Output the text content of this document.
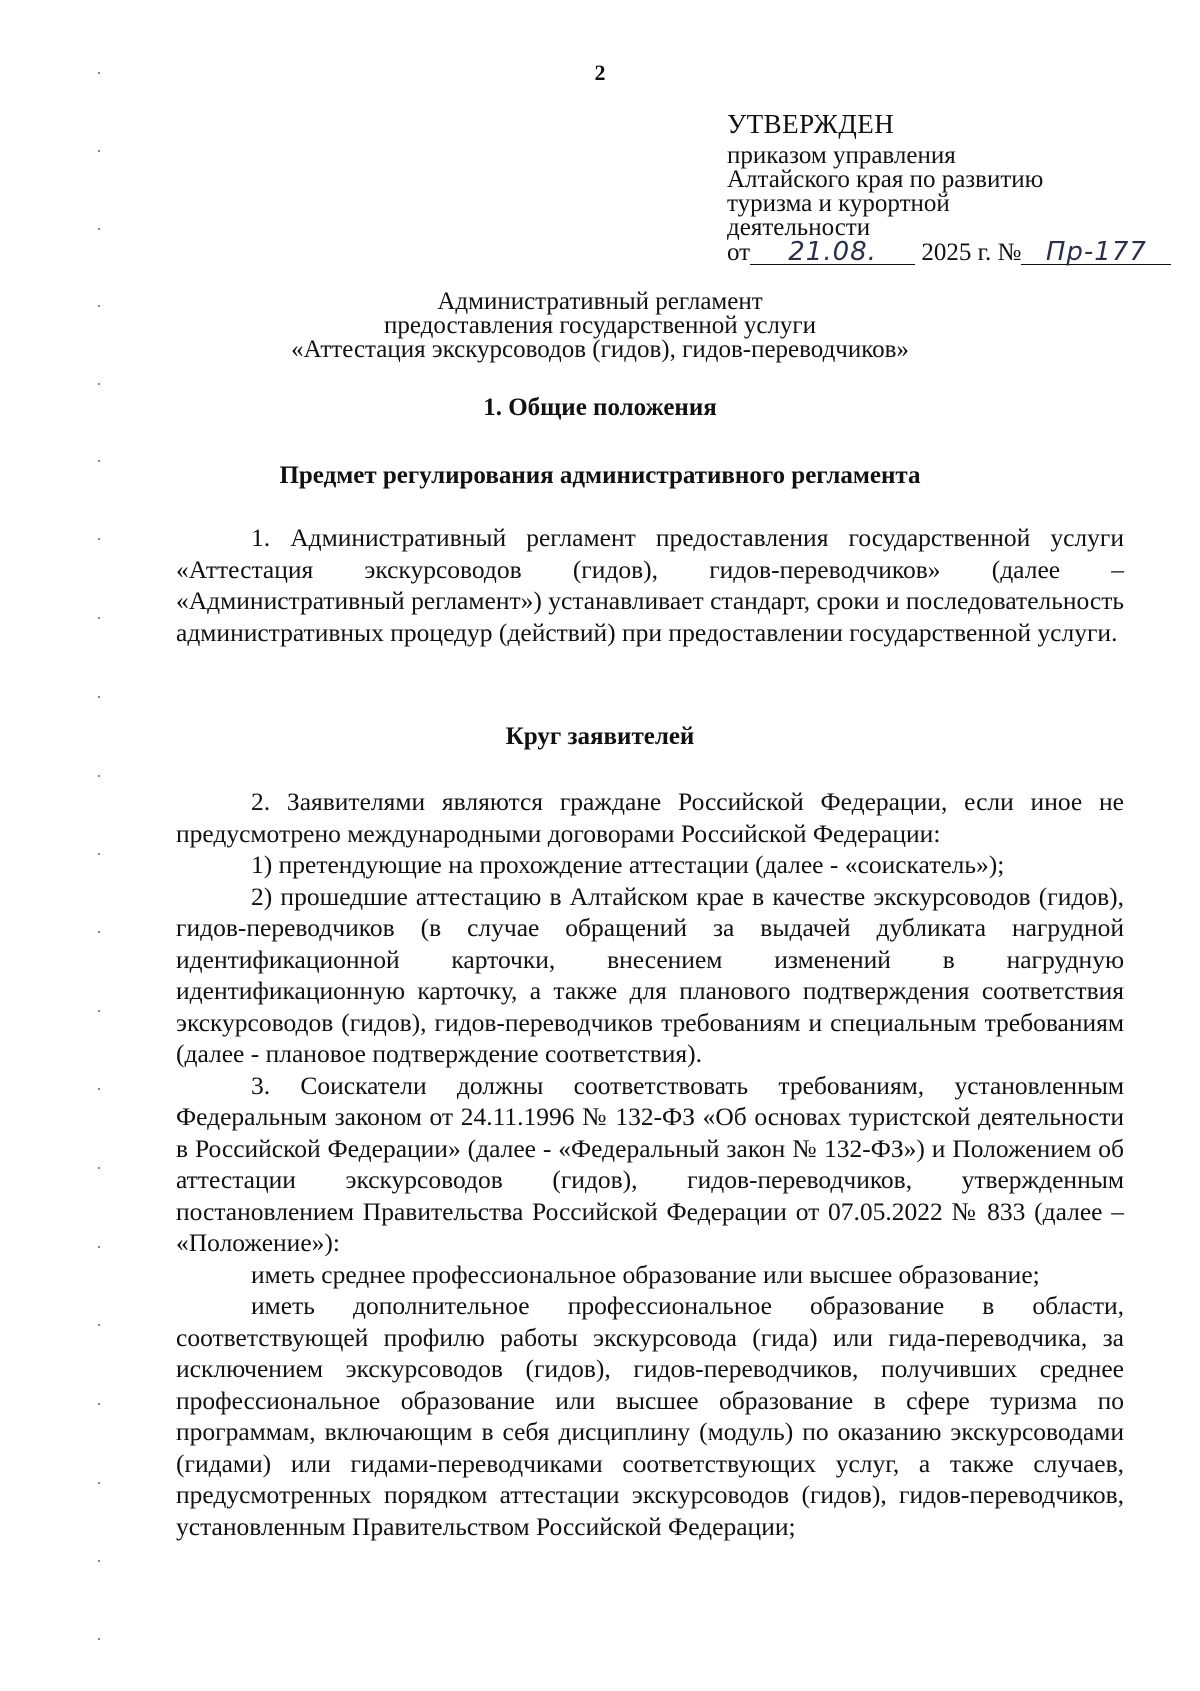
2
УТВЕРЖДЕН
приказом управления
Алтайского края по развитию
туризма и курортной
деятельности
от 21.08. 2025 г. № Пр-177
Административный регламент
предоставления государственной услуги
«Аттестация экскурсоводов (гидов), гидов-переводчиков»
1. Общие положения
Предмет регулирования административного регламента

1. Административный регламент предоставления государственной услуги «Аттестация экскурсоводов (гидов), гидов-переводчиков» (далее – «Административный регламент») устанавливает стандарт, сроки и последовательность административных процедур (действий) при предоставлении государственной услуги.

Круг заявителей

2. Заявителями являются граждане Российской Федерации, если иное не предусмотрено международными договорами Российской Федерации:

1) претендующие на прохождение аттестации (далее - «соискатель»);

2) прошедшие аттестацию в Алтайском крае в качестве экскурсоводов (гидов), гидов-переводчиков (в случае обращений за выдачей дубликата нагрудной идентификационной карточки, внесением изменений в нагрудную идентификационную карточку, а также для планового подтверждения соответствия экскурсоводов (гидов), гидов-переводчиков требованиям и специальным требованиям (далее - плановое подтверждение соответствия).

3. Соискатели должны соответствовать требованиям, установленным Федеральным законом от 24.11.1996 № 132-ФЗ «Об основах туристской деятельности в Российской Федерации» (далее - «Федеральный закон № 132-ФЗ») и Положением об аттестации экскурсоводов (гидов), гидов-переводчиков, утвержденным постановлением Правительства Российской Федерации от 07.05.2022 № 833 (далее – «Положение»):

иметь среднее профессиональное образование или высшее образование;

иметь дополнительное профессиональное образование в области, соответствующей профилю работы экскурсовода (гида) или гида-переводчика, за исключением экскурсоводов (гидов), гидов-переводчиков, получивших среднее профессиональное образование или высшее образование в сфере туризма по программам, включающим в себя дисциплину (модуль) по оказанию экскурсоводами (гидами) или гидами-переводчиками соответствующих услуг, а также случаев, предусмотренных порядком аттестации экскурсоводов (гидов), гидов-переводчиков, установленным Правительством Российской Федерации;
